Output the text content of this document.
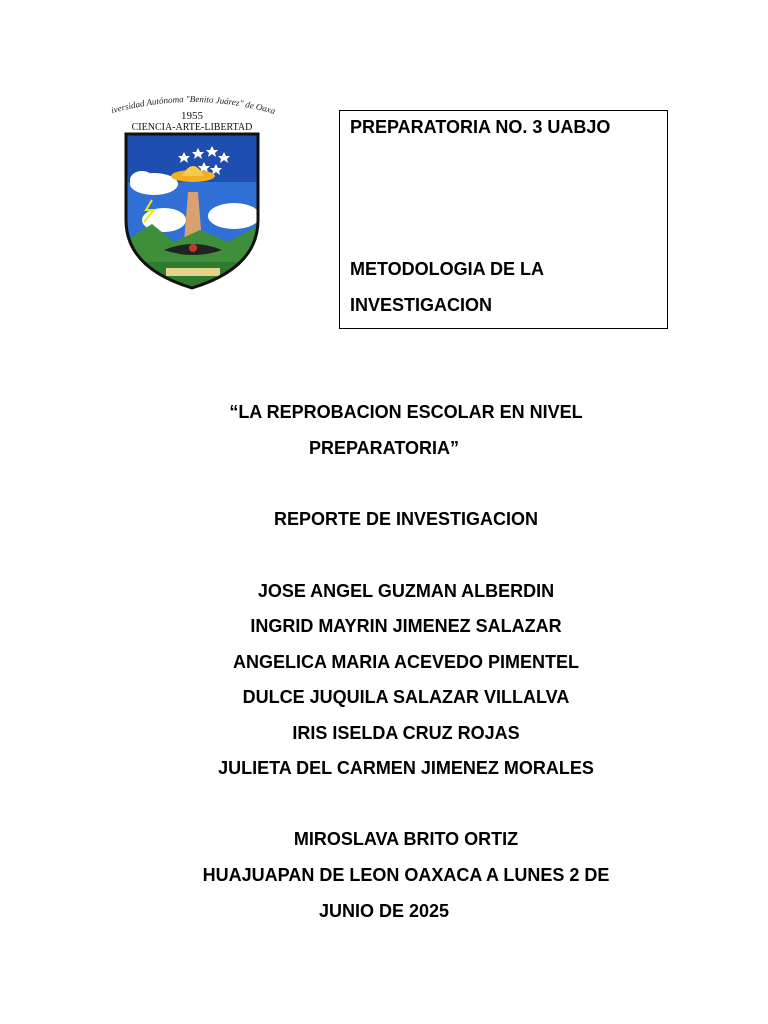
iversidad Autónoma "Benito Juárez" de Oaxa
1955
CIENCIA-ARTE-LIBERTAD	PREPARATORIA NO. 3 UABJO
METODOLOGIA DE LA
INVESTIGACION
“LA REPROBACION ESCOLAR EN NIVEL
PREPARATORIA”
REPORTE DE INVESTIGACION
JOSE ANGEL GUZMAN ALBERDIN
INGRID MAYRIN JIMENEZ SALAZAR
ANGELICA MARIA ACEVEDO PIMENTEL
DULCE JUQUILA SALAZAR VILLALVA
IRIS ISELDA CRUZ ROJAS
JULIETA DEL CARMEN JIMENEZ MORALES
MIROSLAVA BRITO ORTIZ
HUAJUAPAN DE LEON OAXACA A LUNES 2 DE
JUNIO DE 2025
